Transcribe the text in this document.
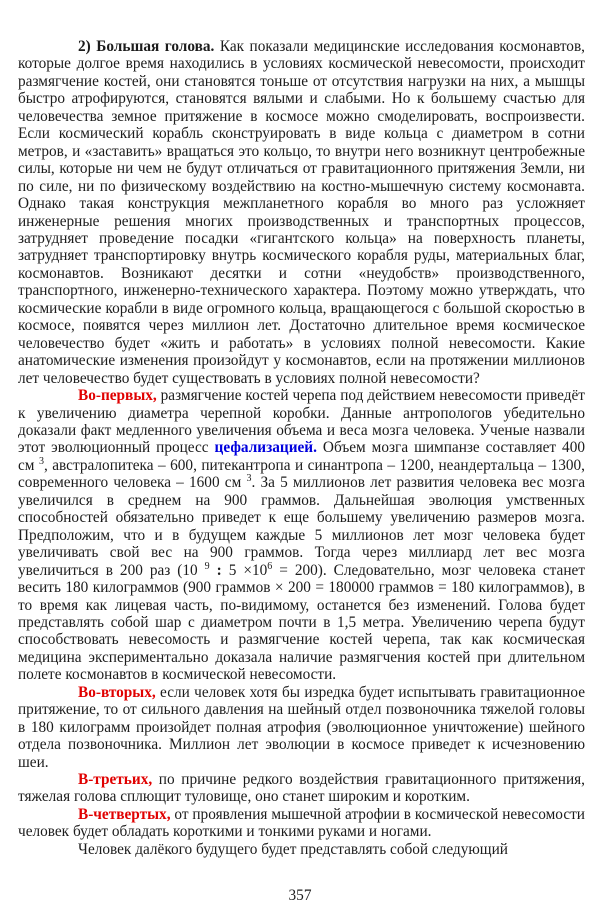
2) Большая голова. Как показали медицинские исследования космонавтов, которые долгое время находились в условиях космической невесомости, происходит размягчение костей, они становятся тоньше от отсутствия нагрузки на них, а мышцы быстро атрофируются, становятся вялыми и слабыми. Но к большему счастью для человечества земное притяжение в космосе можно смоделировать, воспроизвести. Если космический корабль сконструировать в виде кольца с диаметром в сотни метров, и «заставить» вращаться это кольцо, то внутри него возникнут центробежные силы, которые ни чем не будут отличаться от гравитационного притяжения Земли, ни по силе, ни по физическому воздействию на костно-мышечную систему космонавта. Однако такая конструкция межпланетного корабля во много раз усложняет инженерные решения многих производственных и транспортных процессов, затрудняет проведение посадки «гигантского кольца» на поверхность планеты, затрудняет транспортировку внутрь космического корабля руды, материальных благ, космонавтов. Возникают десятки и сотни «неудобств» производственного, транспортного, инженерно-технического характера. Поэтому можно утверждать, что космические корабли в виде огромного кольца, вращающегося с большой скоростью в космосе, появятся через миллион лет. Достаточно длительное время космическое человечество будет «жить и работать» в условиях полной невесомости. Какие анатомические изменения произойдут у космонавтов, если на протяжении миллионов лет человечество будет существовать в условиях полной невесомости?

Во-первых, размягчение костей черепа под действием невесомости приведёт к увеличению диаметра черепной коробки. Данные антропологов убедительно доказали факт медленного увеличения объема и веса мозга человека. Ученые назвали этот эволюционный процесс цефализацией. Объем мозга шимпанзе составляет 400 см $^3$, австралопитека – 600, питекантропа и синантропа – 1200, неандертальца – 1300, современного человека – 1600 см $^3$. За 5 миллионов лет развития человека вес мозга увеличился в среднем на 900 граммов. Дальнейшая эволюция умственных способностей обязательно приведет к еще большему увеличению размеров мозга. Предположим, что и в будущем каждые 5 миллионов лет мозг человека будет увеличивать свой вес на 900 граммов. Тогда через миллиард лет вес мозга увеличиться в 200 раз (10 $^9$ : $5 \times 10^6 = 200$). Следовательно, мозг человека станет весить 180 килограммов (900 граммов × 200 = 180000 граммов = 180 килограммов), в то время как лицевая часть, по-видимому, останется без изменений. Голова будет представлять собой шар с диаметром почти в 1,5 метра. Увеличению черепа будут способствовать невесомость и размягчение костей черепа, так как космическая медицина экспериментально доказала наличие размягчения костей при длительном полете космонавтов в космической невесомости.

Во-вторых, если человек хотя бы изредка будет испытывать гравитационное притяжение, то от сильного давления на шейный отдел позвоночника тяжелой головы в 180 килограмм произойдет полная атрофия (эволюционное уничтожение) шейного отдела позвоночника. Миллион лет эволюции в космосе приведет к исчезновению шеи.

В-третьих, по причине редкого воздействия гравитационного притяжения, тяжелая голова сплющит туловище, оно станет широким и коротким.

В-четвертых, от проявления мышечной атрофии в космической невесомости человек будет обладать короткими и тонкими руками и ногами.

Человек далёкого будущего будет представлять собой следующий

357
